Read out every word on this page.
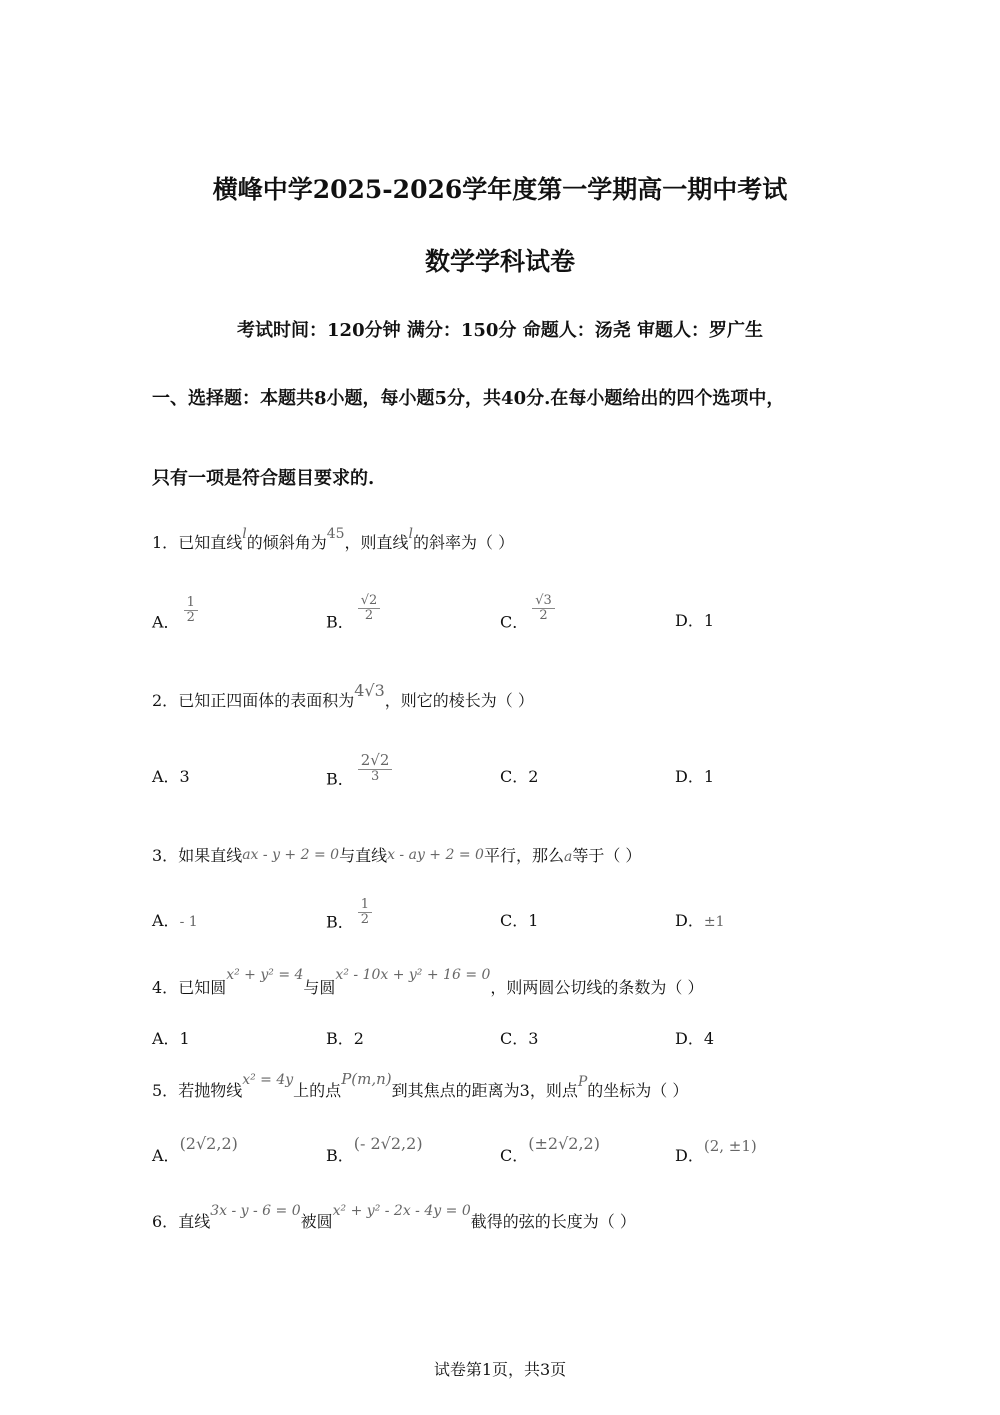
横峰中学2025-2026学年度第一学期高一期中考试
数学学科试卷
考试时间：120分钟 满分：150分 命题人：汤尧 审题人：罗广生
一、选择题：本题共8小题，每小题5分，共40分.在每小题给出的四个选项中，
只有一项是符合题目要求的.
1．已知直线l的倾斜角为45，则直线l的斜率为（ ）
A． $\frac{1}{2}$	B． $\frac{√2}{2}$	C． $\frac{√3}{2}$	D．1
2．已知正四面体的表面积为4√3，则它的棱长为（ ）
A．3	B． $\frac{2√2}{3}$	C．2	D．1
3．如果直线ax - y + 2 = 0与直线x - ay + 2 = 0平行，那么a等于（ ）
A．- 1	B． $\frac{1}{2}$	C．1	D．±1
4．已知圆x² + y² = 4与圆x² - 10x + y² + 16 = 0，则两圆公切线的条数为（ ）
A．1	B．2	C．3	D．4
5．若抛物线x² = 4y上的点P(m,n)到其焦点的距离为3，则点P的坐标为（ ）
A．(2√2,2)
B．(- 2√2,2)
C．(±2√2,2)
D．(2, ±1)
6．直线3x - y - 6 = 0被圆x² + y² - 2x - 4y = 0截得的弦的长度为（ ）
试卷第1页，共3页
